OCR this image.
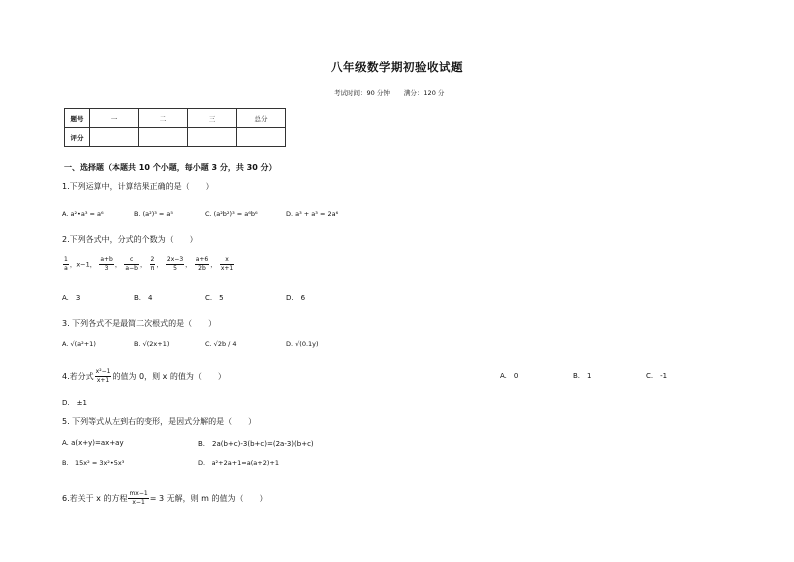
八年级数学期初验收试题
考试时间：90 分钟 满分：120 分
题号	一	二	三	总分
评分				
一、选择题（本题共 10 个小题，每小题 3 分，共 30 分）
1.下列运算中，计算结果正确的是（　　）
A. a²•a³ = a⁶	B. (a²)³ = a⁵	C. (a²b²)³ = a⁶b⁶	D. a³ + a³ = 2a⁶
2.下列各式中，分式的个数为（　　）
$\frac{1}{a}$ ，x−1， $\frac{a+b}{3}$ ， $\frac{c}{a-b}$ ， $\frac{2}{\pi}$ ， $\frac{2x-3}{5}$ ， $\frac{a+6}{2b}$ ， $\frac{x}{x+1}$
A.　3	B.　4	C.　5	D.　6
3. 下列各式不是最简二次根式的是（　　）
A. √(a²+1)	B. √(2x+1)	C. √2b / 4	D. √(0.1y)
4.若分式 $\frac{\text{x²−1}}{x+1}$ 的值为 0，则 x 的值为（　　）	A.　0	B.　1	C.　-1
D.　±1
5. 下列等式从左到右的变形，是因式分解的是（　　）
A. a(x+y)=ax+ay	B.　2a(b+c)-3(b+c)=(2a-3)(b+c)
B.　15x² = 3x²•5x³	D.　a²+2a+1=a(a+2)+1
6.若关于 x 的方程 $\frac{mx-1}{x-1} = 3$ 无解，则 m 的值为（　　）
